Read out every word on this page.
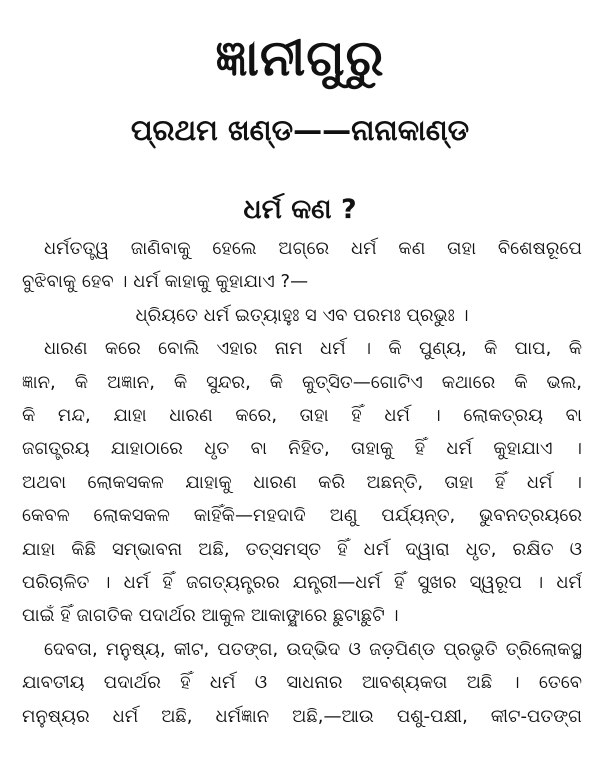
ଜ୍ଞାନୀଗୁରୁ
ପ୍ରଥମ ଖଣ୍ଡ——ନାନାକାଣ୍ଡ
ଧର୍ମ କଣ ?
ଧର୍ମତତ୍ତ୍ୱ ଜାଣିବାକୁ ହେଲେ ଅଗ୍ରେ ଧର୍ମ କଣ ତାହା ବିଶେଷରୂପେ
ବୁଝିବାକୁ ହେବ । ଧର୍ମ କାହାକୁ କୁହାଯାଏ ?—
ଧ୍ରିୟତେ ଧର୍ମ ଇତ୍ୟାହୁଃ ସ ଏବ ପରମଃ ପ୍ରଭୁଃ ।
ଧାରଣ କରେ ବୋଲି ଏହାର ନାମ ଧର୍ମ । କି ପୁଣ୍ୟ, କି ପାପ, କି
ଜ୍ଞାନ, କି ଅଜ୍ଞାନ, କି ସୁନ୍ଦର, କି କୁତ୍ସିତ—ଗୋଟିଏ କଥାରେ କି ଭଲ,
କି ମନ୍ଦ, ଯାହା ଧାରଣ କରେ, ତାହା ହିଁ ଧର୍ମ । ଲୋକତ୍ରୟ ବା
ଜଗତ୍ତ୍ରୟ ଯାହାଠାରେ ଧୃତ ବା ନିହିତ, ତାହାକୁ ହିଁ ଧର୍ମ କୁହାଯାଏ ।
ଅଥବା ଲୋକସକଳ ଯାହାକୁ ଧାରଣ କରି ଅଛନ୍ତି, ତାହା ହିଁ ଧର୍ମ ।
କେବଳ ଲୋକସକଳ କାହିଁକି—ମହଦାଦି ଅଣୁ ପର୍ଯ୍ୟନ୍ତ, ଭୁବନତ୍ରୟରେ
ଯାହା କିଛି ସମ୍ଭାବନା ଅଛି, ତତ୍ସମସ୍ତ ହିଁ ଧର୍ମ ଦ୍ୱାରା ଧୃତ, ରକ୍ଷିତ ଓ
ପରିଚାଳିତ । ଧର୍ମ ହିଁ ଜଗତ୍ୟନ୍ତ୍ରର ଯନ୍ତ୍ରୀ—ଧର୍ମ ହିଁ ସୁଖର ସ୍ୱରୂପ । ଧର୍ମ
ପାଇଁ ହିଁ ଜାଗତିକ ପଦାର୍ଥର ଆକୁଳ ଆକାଙ୍କ୍ଷାରେ ଛୁଟାଛୁଟି ।
ଦେବତା, ମନୁଷ୍ୟ, କୀଟ, ପତଙ୍ଗ, ଉଦ୍ଭିଦ ଓ ଜଡ଼ପିଣ୍ଡ ପ୍ରଭୃତି ତ୍ରିଲୋକସ୍ଥ
ଯାବତୀୟ ପଦାର୍ଥର ହିଁ ଧର୍ମ ଓ ସାଧନାର ଆବଶ୍ୟକତା ଅଛି । ତେବେ
ମନୁଷ୍ୟର ଧର୍ମ ଅଛି, ଧର୍ମଜ୍ଞାନ ଅଛି,—ଆଉ ପଶୁ-ପକ୍ଷୀ, କୀଟ-ପତଙ୍ଗ
